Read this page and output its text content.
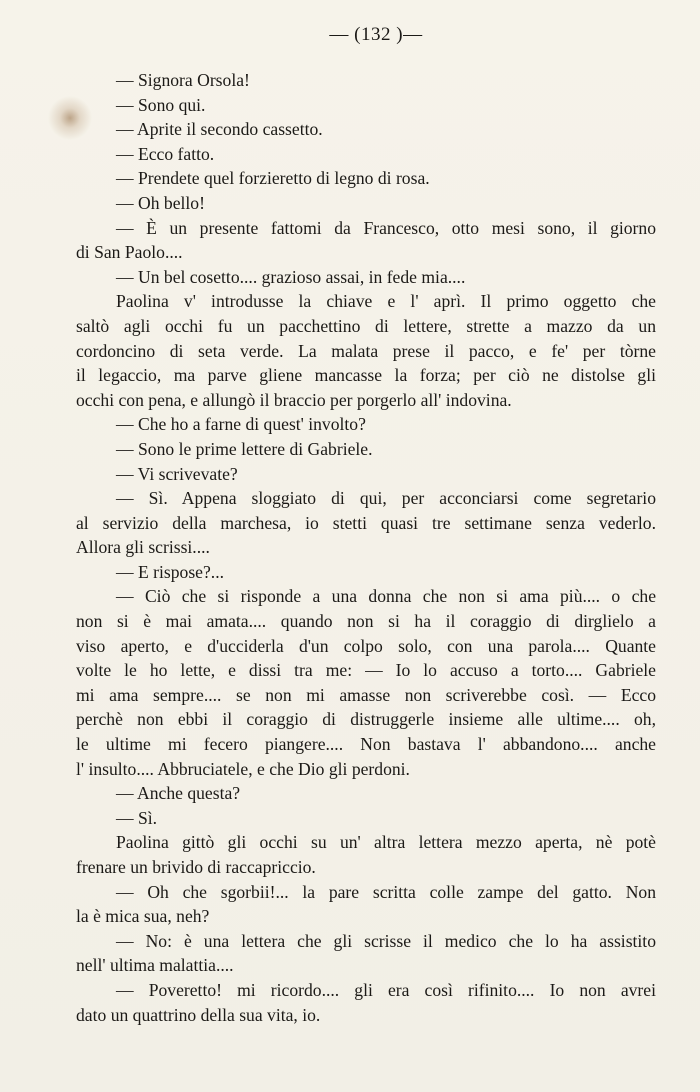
— (132 )—
— Signora Orsola!
— Sono qui.
— Aprite il secondo cassetto.
— Ecco fatto.
— Prendete quel forzieretto di legno di rosa.
— Oh bello!
— È un presente fattomi da Francesco, otto mesi sono, il giorno
di San Paolo....
— Un bel cosetto.... grazioso assai, in fede mia....
Paolina v' introdusse la chiave e l' aprì. Il primo oggetto che
saltò agli occhi fu un pacchettino di lettere, strette a mazzo da un
cordoncino di seta verde. La malata prese il pacco, e fe' per tòrne
il legaccio, ma parve gliene mancasse la forza; per ciò ne distolse gli
occhi con pena, e allungò il braccio per porgerlo all' indovina.
— Che ho a farne di quest' involto?
— Sono le prime lettere di Gabriele.
— Vi scrivevate?
— Sì. Appena sloggiato di qui, per acconciarsi come segretario
al servizio della marchesa, io stetti quasi tre settimane senza vederlo.
Allora gli scrissi....
— E rispose?...
— Ciò che si risponde a una donna che non si ama più.... o che
non si è mai amata.... quando non si ha il coraggio di dirglielo a
viso aperto, e d'ucciderla d'un colpo solo, con una parola.... Quante
volte le ho lette, e dissi tra me: — Io lo accuso a torto.... Gabriele
mi ama sempre.... se non mi amasse non scriverebbe così. — Ecco
perchè non ebbi il coraggio di distruggerle insieme alle ultime.... oh,
le ultime mi fecero piangere.... Non bastava l' abbandono.... anche
l' insulto.... Abbruciatele, e che Dio gli perdoni.
— Anche questa?
— Sì.
Paolina gittò gli occhi su un' altra lettera mezzo aperta, nè potè
frenare un brivido di raccapriccio.
— Oh che sgorbii!... la pare scritta colle zampe del gatto. Non
la è mica sua, neh?
— No: è una lettera che gli scrisse il medico che lo ha assistito
nell' ultima malattia....
— Poveretto! mi ricordo.... gli era così rifinito.... Io non avrei
dato un quattrino della sua vita, io.
